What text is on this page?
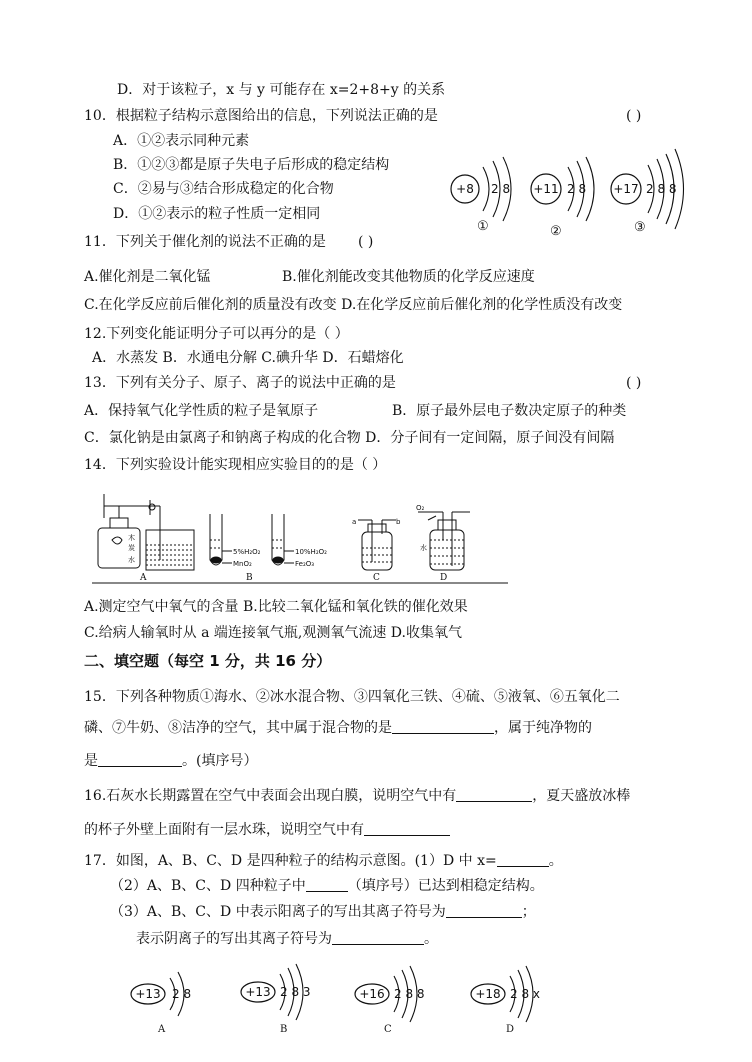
D．对于该粒子，x 与 y 可能存在 x=2+8+y 的关系
10．根据粒子结构示意图给出的信息，下列说法正确的是	( )
A．①②表示同种元素
B．①②③都是原子失电子后形成的稳定结构
C．②易与③结合形成稳定的化合物
D．①②表示的粒子性质一定相同
+8 2 8
①
+11 2 8
②
+17 2 8 8
③
11．下列关于催化剂的说法不正确的是 ( )
A.催化剂是二氧化锰	B.催化剂能改变其他物质的化学反应速度
C.在化学反应前后催化剂的质量没有改变 D.在化学反应前后催化剂的化学性质没有改变
12.下列变化能证明分子可以再分的是（ ）
A．水蒸发 B．水通电分解 C.碘升华 D．石蜡熔化
13．下列有关分子、原子、离子的说法中正确的是	( )
A．保持氧气化学性质的粒子是氧原子	B．原子最外层电子数决定原子的种类
C．氯化钠是由氯离子和钠离子构成的化合物 D．分子间有一定间隔，原子间没有间隔
14．下列实验设计能实现相应实验目的的是（ ）
木
炭
水
A
5%H₂O₂
MnO₂
10%H₂O₂
Fe₂O₃
B
a	b
C
O₂
水
D
A.测定空气中氧气的含量 B.比较二氧化锰和氧化铁的催化效果
C.给病人输氧时从 a 端连接氧气瓶,观测氧气流速 D.收集氧气
二、填空题（每空 1 分，共 16 分）
15．下列各种物质①海水、②冰水混合物、③四氧化三铁、④硫、⑤液氧、⑥五氧化二
磷、⑦牛奶、⑧洁净的空气，其中属于混合物的是	，属于纯净物的
是	。(填序号）
16.石灰水长期露置在空气中表面会出现白膜，说明空气中有	，夏天盛放冰棒
的杯子外壁上面附有一层水珠，说明空气中有
17．如图，A、B、C、D 是四种粒子的结构示意图。(1）D 中 x=	。
（2）A、B、C、D 四种粒子中	（填序号）已达到相稳定结构。
（3）A、B、C、D 中表示阳离子的写出其离子符号为	；
表示阴离子的写出其离子符号为	。
+13 2 8
A
+13 2 8 3
B
+16 2 8 8
C
+18 2 8 x
D
